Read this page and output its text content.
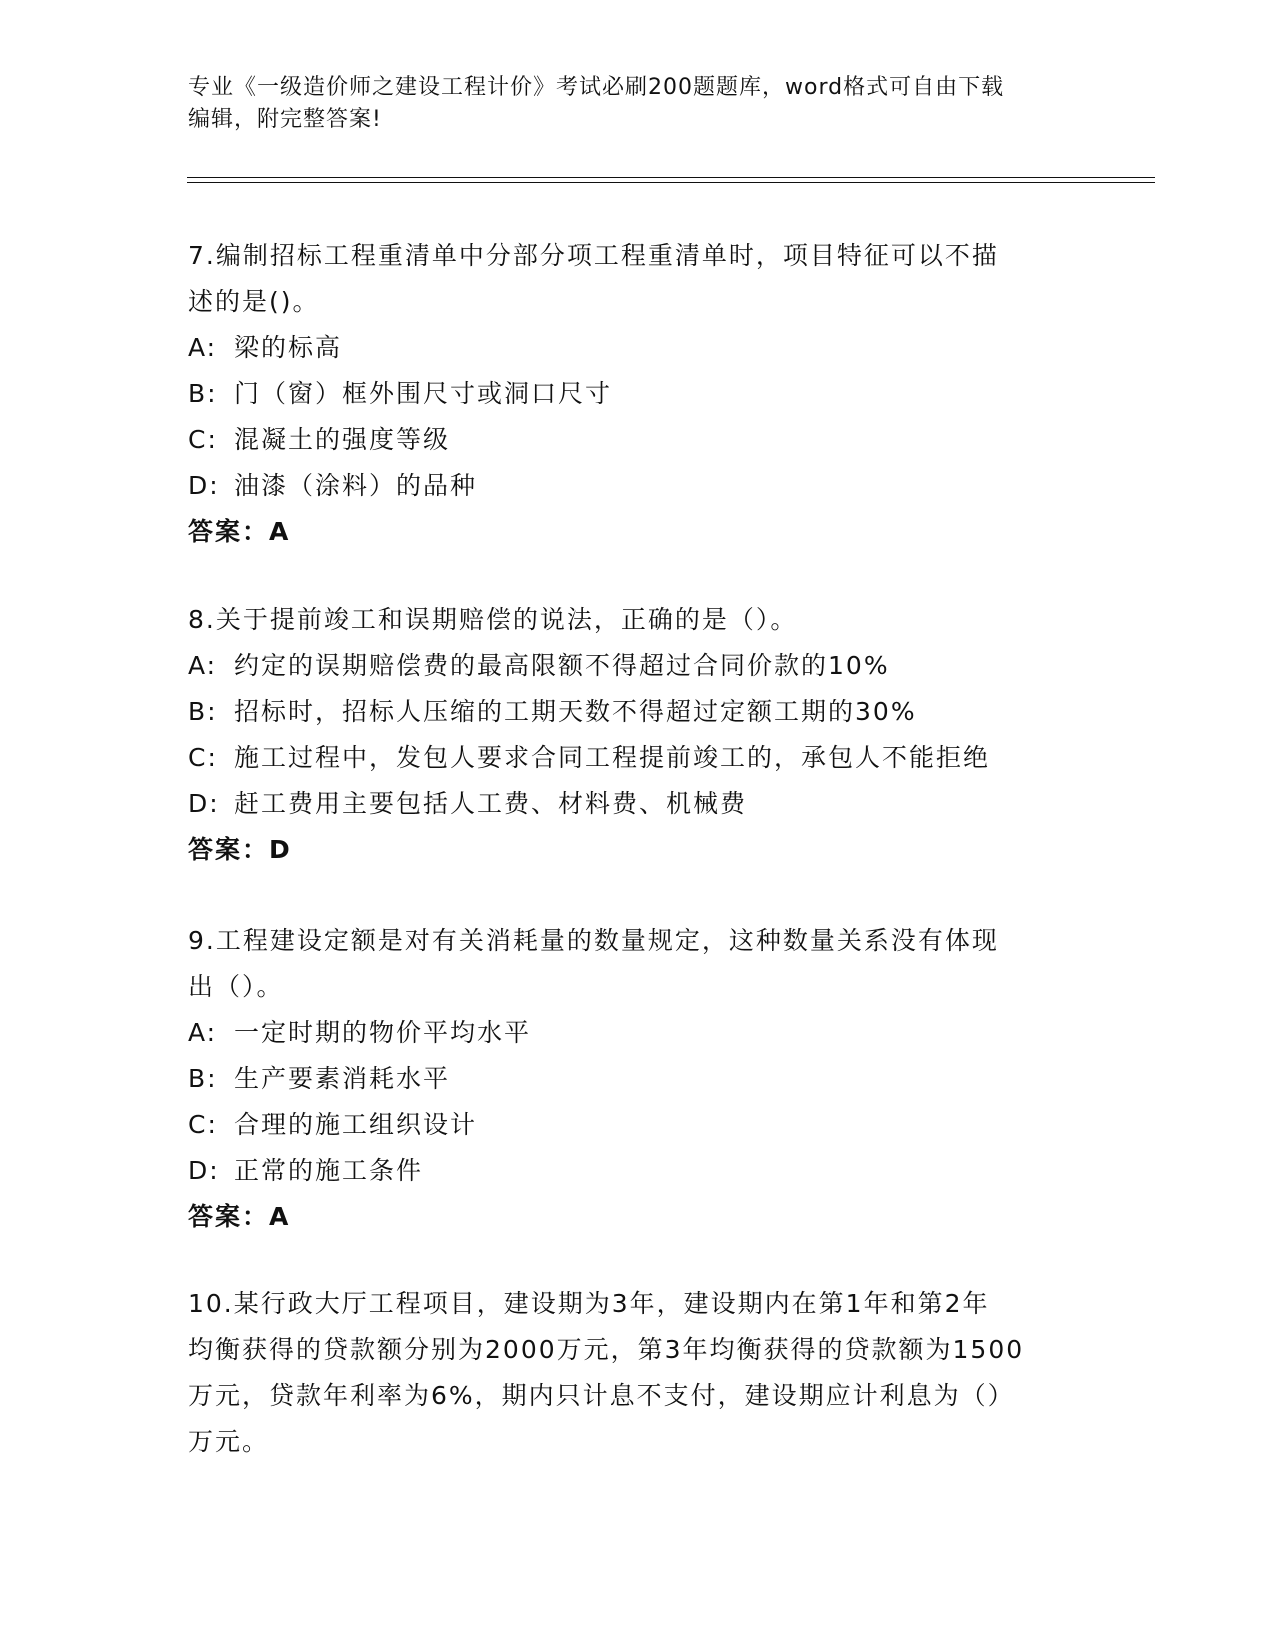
专业《一级造价师之建设工程计价》考试必刷200题题库，word格式可自由下载
编辑，附完整答案!

7.编制招标工程重清单中分部分项工程重清单时，项目特征可以不描

述的是()。

A: 梁的标高

B: 门（窗）框外围尺寸或洞口尺寸

C: 混凝土的强度等级

D: 油漆（涂料）的品种

答案：A

8.关于提前竣工和误期赔偿的说法，正确的是（）。

A: 约定的误期赔偿费的最高限额不得超过合同价款的10%

B: 招标时，招标人压缩的工期天数不得超过定额工期的30%

C: 施工过程中，发包人要求合同工程提前竣工的，承包人不能拒绝

D: 赶工费用主要包括人工费、材料费、机械费

答案：D

9.工程建设定额是对有关消耗量的数量规定，这种数量关系没有体现

出（）。

A: 一定时期的物价平均水平

B: 生产要素消耗水平

C: 合理的施工组织设计

D: 正常的施工条件

答案：A

10.某行政大厅工程项目，建设期为3年，建设期内在第1年和第2年

均衡获得的贷款额分别为2000万元，第3年均衡获得的贷款额为1500

万元，贷款年利率为6%，期内只计息不支付，建设期应计利息为（）

万元。
